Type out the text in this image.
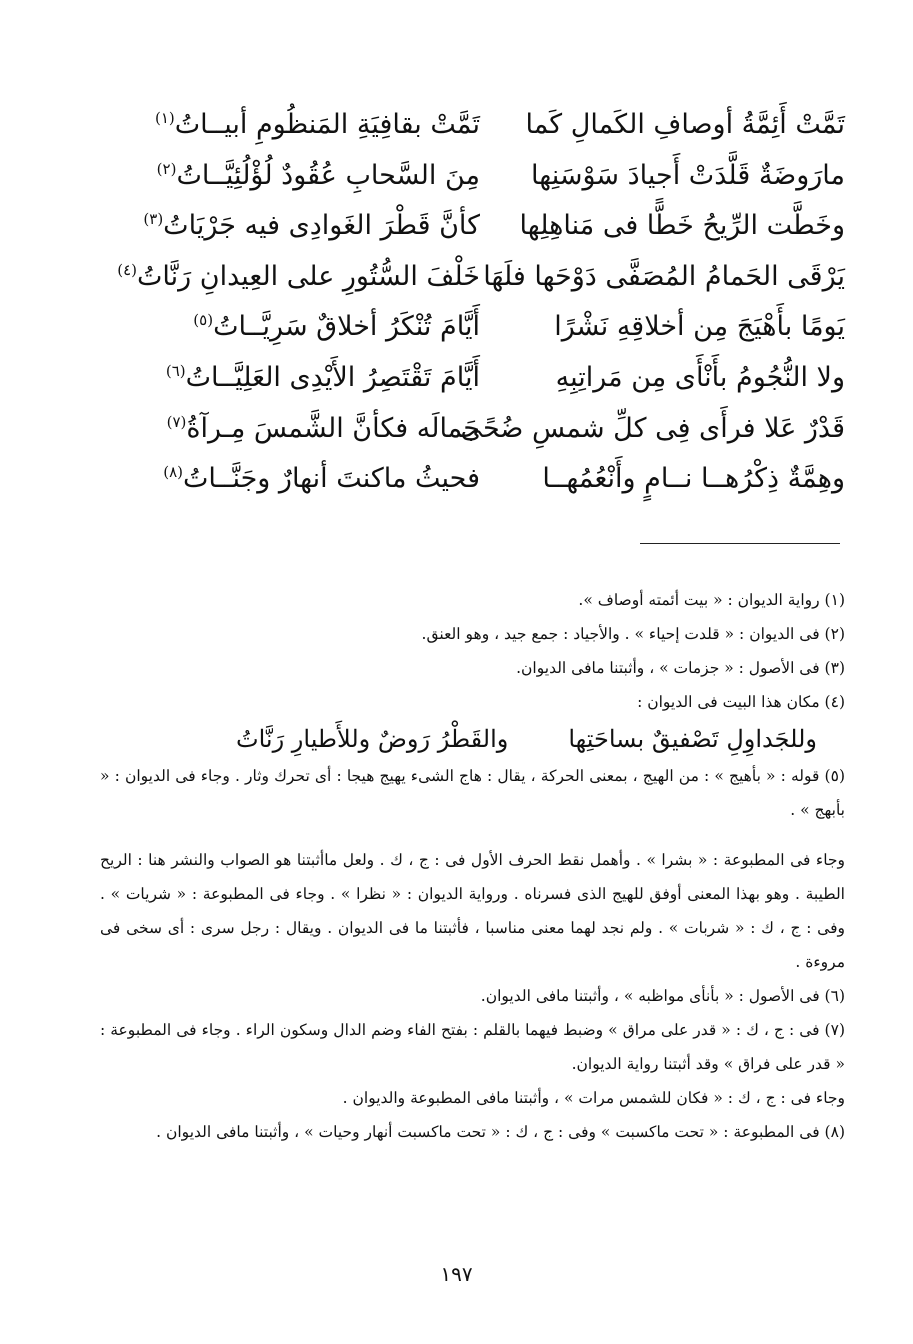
تَمَّتْ أَئِمَّةُ أوصافِ الكَمالِ كَما
تَمَّتْ بقافِيَةِ المَنظُومِ أبيــاتُ$^{(١)}$
مارَوضَةٌ قَلَّدَتْ أَجيادَ سَوْسَنِها
مِنَ السَّحابِ عُقُودٌ لُؤْلُئِيَّــاتُ$^{(٢)}$
وخَطَّت الرِّيحُ خَطًّا فى مَناهِلِها
كأنَّ قَطْرَ الغَوادِى فيه جَرْيَاتُ$^{(٣)}$
يَرْقَى الحَمامُ المُصَفَّى دَوْحَها فلَهَا
خَلْفَ السُّتُورِ على العِيدانِ رَنَّاتُ$^{(٤)}$
يَومًا بأَهْيَجَ مِن أخلاقِهِ نَشْرًا
أَيَّامَ تُنْكَرُ أخلاقٌ سَرِيَّــاتُ$^{(٥)}$
ولا النُّجُومُ بأَنْأَى مِن مَراتِبِهِ
أَيَّامَ تَقْتَصِرُ الأَيْدِى العَلِيَّــاتُ$^{(٦)}$
قَدْرٌ عَلا فرأَى فِى كلِّ شمسِ ضُحًى
جَمالَه فكأنَّ الشَّمسَ مِـرآةُ$^{(٧)}$
وهِمَّةٌ ذِكْرُهــا نــامٍ وأَنْعُمُهــا
فحيثُ ماكنتَ أنهارٌ وجَنَّــاتُ$^{(٨)}$

(١) رواية الديوان : « بيت أئمته أوصاف ».

(٢) فى الديوان : « قلدت إحياء » . والأجياد : جمع جيد ، وهو العنق.

(٣) فى الأصول : « جزمات » ، وأثبتنا مافى الديوان.

(٤) مكان هذا البيت فى الديوان :

وللجَداوِلِ تَصْفيقٌ بساحَتِها
والقَطْرُ رَوضٌ وللأَطيارِ رَنَّاتُ

(٥) قوله : « بأهيج » : من الهيج ، بمعنى الحركة ، يقال : هاج الشىء يهيج هيجا : أى تحرك وثار . وجاء فى الديوان : « بأبهج » .

وجاء فى المطبوعة : « بشرا » . وأهمل نقط الحرف الأول فى : ج ، ك . ولعل ماأثبتنا هو الصواب والنشر هنا : الريح الطيبة . وهو بهذا المعنى أوفق للهيج الذى فسرناه . ورواية الديوان : « نظرا » . وجاء فى المطبوعة : « شريات » . وفى : ج ، ك : « شربات » . ولم نجد لهما معنى مناسبا ، فأثبتنا ما فى الديوان . ويقال : رجل سرى : أى سخى فى مروءة .

(٦) فى الأصول : « بأنأى مواظبه » ، وأثبتنا مافى الديوان.

(٧) فى : ج ، ك : « قدر على مراق » وضبط فيهما بالقلم : بفتح الفاء وضم الدال وسكون الراء . وجاء فى المطبوعة : « قدر على فراق » وقد أثبتنا رواية الديوان.

وجاء فى : ج ، ك : « فكان للشمس مرات » ، وأثبتنا مافى المطبوعة والديوان .

(٨) فى المطبوعة : « تحت ماكسبت » وفى : ج ، ك : « تحت ماكسبت أنهار وحيات » ، وأثبتنا مافى الديوان .

١٩٧
